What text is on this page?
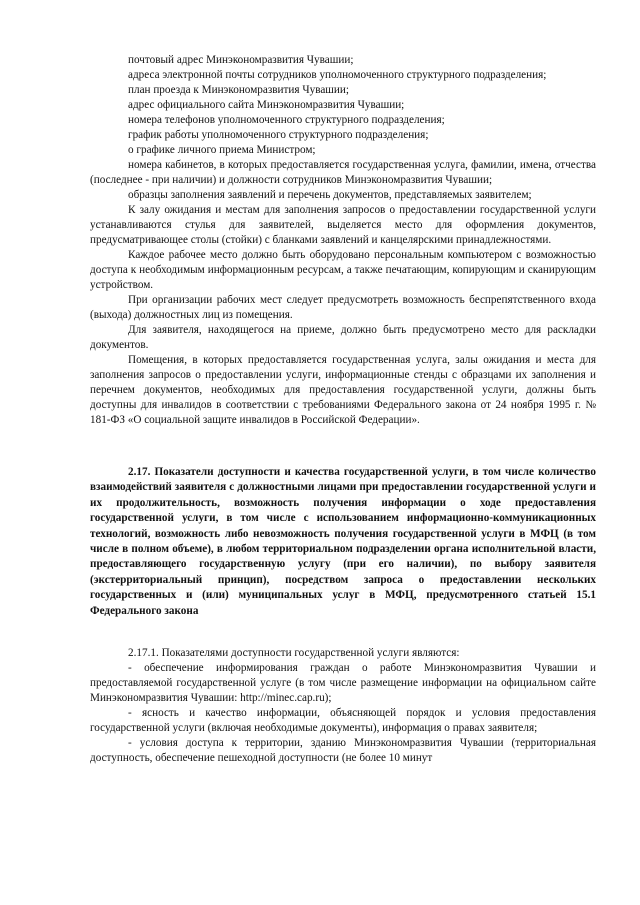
почтовый адрес Минэкономразвития Чувашии;

адреса электронной почты сотрудников уполномоченного структурного подразделения;

план проезда к Минэкономразвития Чувашии;

адрес официального сайта Минэкономразвития Чувашии;

номера телефонов уполномоченного структурного подразделения;

график работы уполномоченного структурного подразделения;

о графике личного приема Министром;

номера кабинетов, в которых предоставляется государственная услуга, фамилии, имена, отчества (последнее - при наличии) и должности сотрудников Минэкономразвития Чувашии;

образцы заполнения заявлений и перечень документов, представляемых заявителем;

К залу ожидания и местам для заполнения запросов о предоставлении государственной услуги устанавливаются стулья для заявителей, выделяется место для оформления документов, предусматривающее столы (стойки) с бланками заявлений и канцелярскими принадлежностями.

Каждое рабочее место должно быть оборудовано персональным компьютером с возможностью доступа к необходимым информационным ресурсам, а также печатающим, копирующим и сканирующим устройством.

При организации рабочих мест следует предусмотреть возможность беспрепятственного входа (выхода) должностных лиц из помещения.

Для заявителя, находящегося на приеме, должно быть предусмотрено место для раскладки документов.

Помещения, в которых предоставляется государственная услуга, залы ожидания и места для заполнения запросов о предоставлении услуги, информационные стенды с образцами их заполнения и перечнем документов, необходимых для предоставления государственной услуги, должны быть доступны для инвалидов в соответствии с требованиями Федерального закона от 24 ноября 1995 г. № 181-ФЗ «О социальной защите инвалидов в Российской Федерации».

2.17. Показатели доступности и качества государственной услуги, в том числе количество взаимодействий заявителя с должностными лицами при предоставлении государственной услуги и их продолжительность, возможность получения информации о ходе предоставления государственной услуги, в том числе с использованием информационно-коммуникационных технологий, возможность либо невозможность получения государственной услуги в МФЦ (в том числе в полном объеме), в любом территориальном подразделении органа исполнительной власти, предоставляющего государственную услугу (при его наличии), по выбору заявителя (экстерриториальный принцип), посредством запроса о предоставлении нескольких государственных и (или) муниципальных услуг в МФЦ, предусмотренного статьей 15.1 Федерального закона

2.17.1. Показателями доступности государственной услуги являются:

- обеспечение информирования граждан о работе Минэкономразвития Чувашии и предоставляемой государственной услуге (в том числе размещение информации на официальном сайте Минэкономразвития Чувашии: http://minec.cap.ru);

- ясность и качество информации, объясняющей порядок и условия предоставления государственной услуги (включая необходимые документы), информация о правах заявителя;

- условия доступа к территории, зданию Минэкономразвития Чувашии (территориальная доступность, обеспечение пешеходной доступности (не более 10 минут
